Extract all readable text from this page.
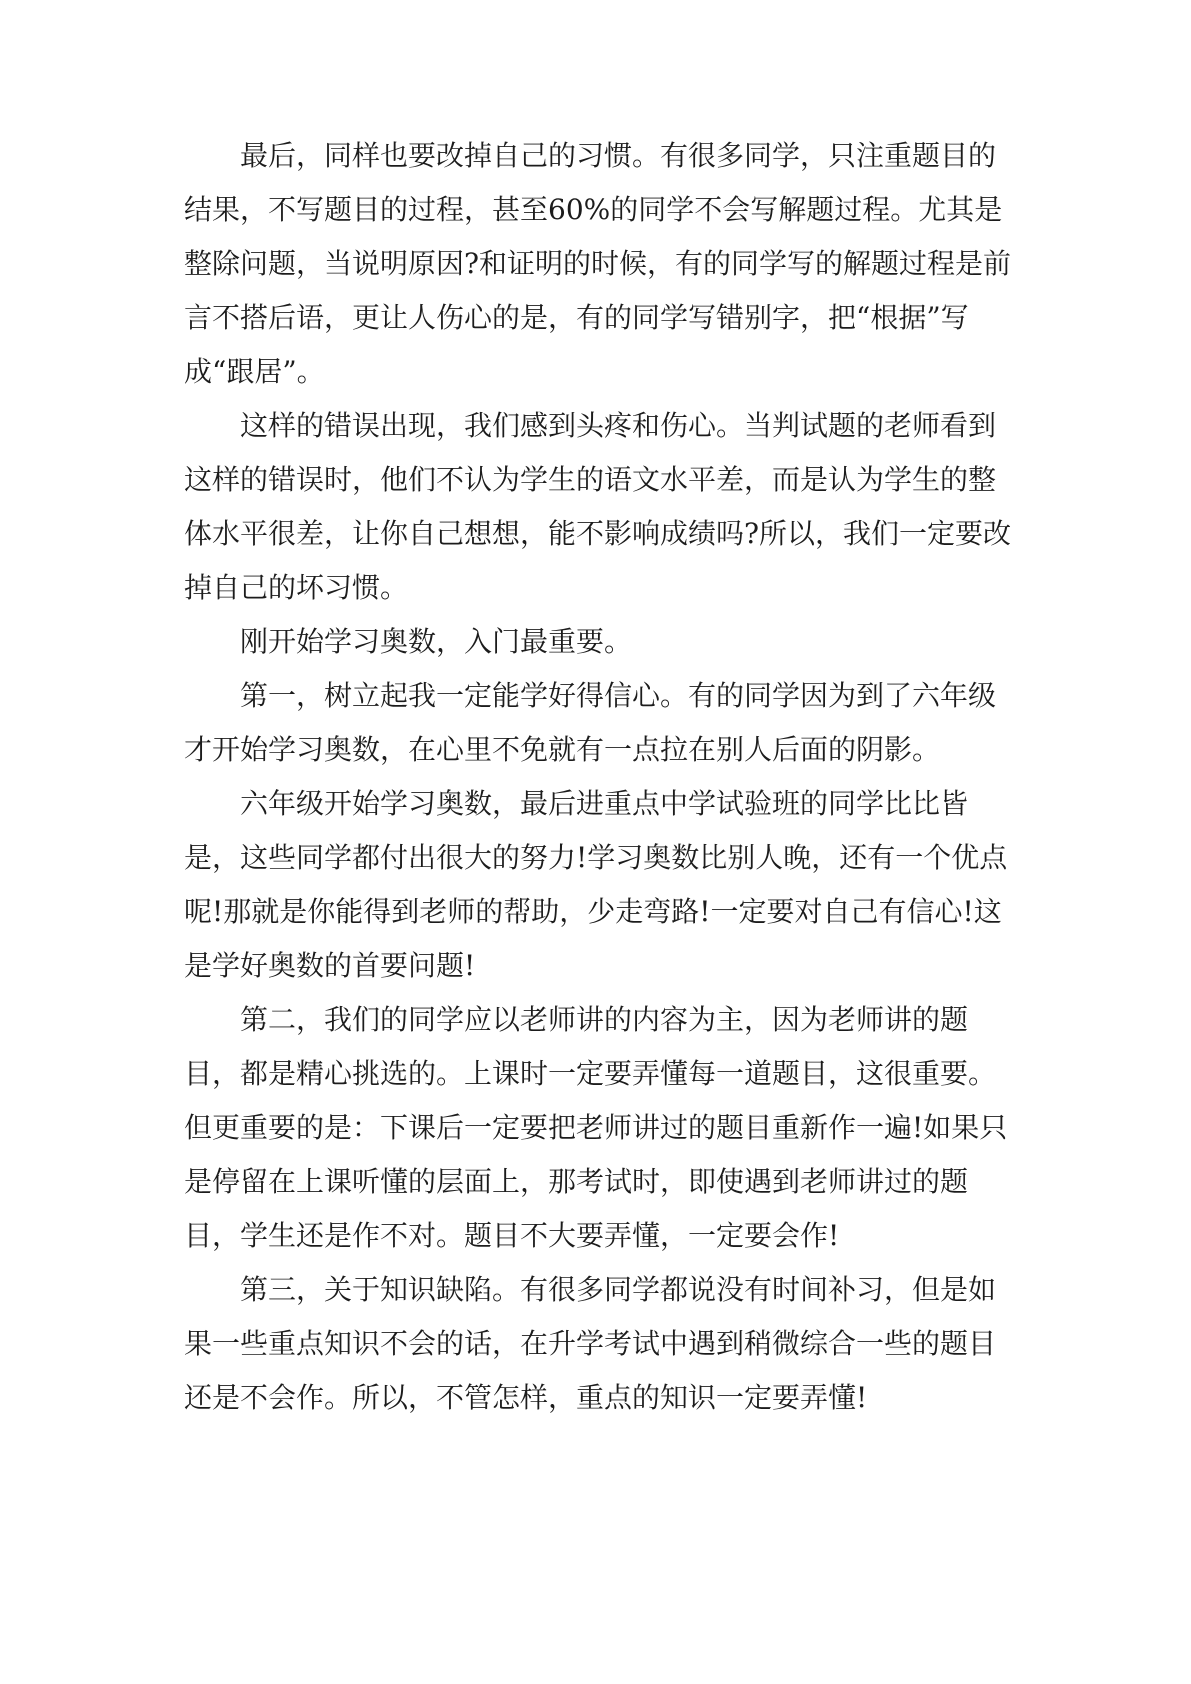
最后，同样也要改掉自己的习惯。有很多同学，只注重题目的
结果，不写题目的过程，甚至60%的同学不会写解题过程。尤其是
整除问题，当说明原因?和证明的时候，有的同学写的解题过程是前
言不搭后语，更让人伤心的是，有的同学写错别字，把“根据”写
成“跟居”。
这样的错误出现，我们感到头疼和伤心。当判试题的老师看到
这样的错误时，他们不认为学生的语文水平差，而是认为学生的整
体水平很差，让你自己想想，能不影响成绩吗?所以，我们一定要改
掉自己的坏习惯。
刚开始学习奥数，入门最重要。
第一，树立起我一定能学好得信心。有的同学因为到了六年级
才开始学习奥数，在心里不免就有一点拉在别人后面的阴影。
六年级开始学习奥数，最后进重点中学试验班的同学比比皆
是，这些同学都付出很大的努力!学习奥数比别人晚，还有一个优点
呢!那就是你能得到老师的帮助，少走弯路!一定要对自己有信心!这
是学好奥数的首要问题!
第二，我们的同学应以老师讲的内容为主，因为老师讲的题
目，都是精心挑选的。上课时一定要弄懂每一道题目，这很重要。
但更重要的是：下课后一定要把老师讲过的题目重新作一遍!如果只
是停留在上课听懂的层面上，那考试时，即使遇到老师讲过的题
目，学生还是作不对。题目不大要弄懂，一定要会作!
第三，关于知识缺陷。有很多同学都说没有时间补习，但是如
果一些重点知识不会的话，在升学考试中遇到稍微综合一些的题目
还是不会作。所以，不管怎样，重点的知识一定要弄懂!
